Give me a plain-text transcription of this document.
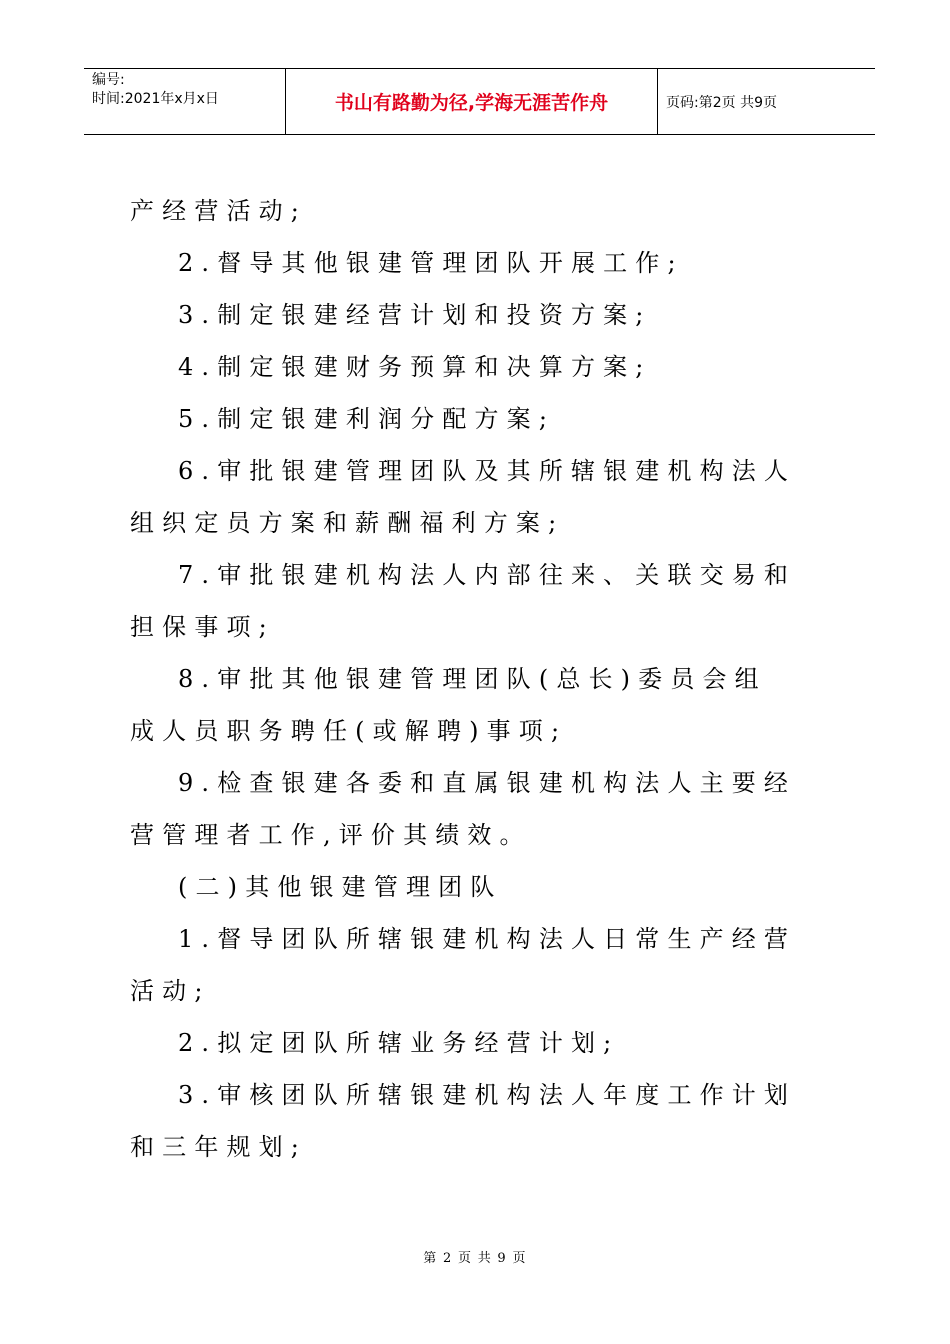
编号:
时间:2021年x月x日	书山有路勤为径,学海无涯苦作舟	页码:第2页 共9页
产经营活动;
2.督导其他银建管理团队开展工作;
3.制定银建经营计划和投资方案;
4.制定银建财务预算和决算方案;
5.制定银建利润分配方案;
6.审批银建管理团队及其所辖银建机构法人
组织定员方案和薪酬福利方案;
7.审批银建机构法人内部往来、关联交易和
担保事项;
8.审批其他银建管理团队(总长)委员会组
成人员职务聘任(或解聘)事项;
9.检查银建各委和直属银建机构法人主要经
营管理者工作,评价其绩效。
(二)其他银建管理团队
1.督导团队所辖银建机构法人日常生产经营
活动;
2.拟定团队所辖业务经营计划;
3.审核团队所辖银建机构法人年度工作计划
和三年规划;
第 2 页 共 9 页
